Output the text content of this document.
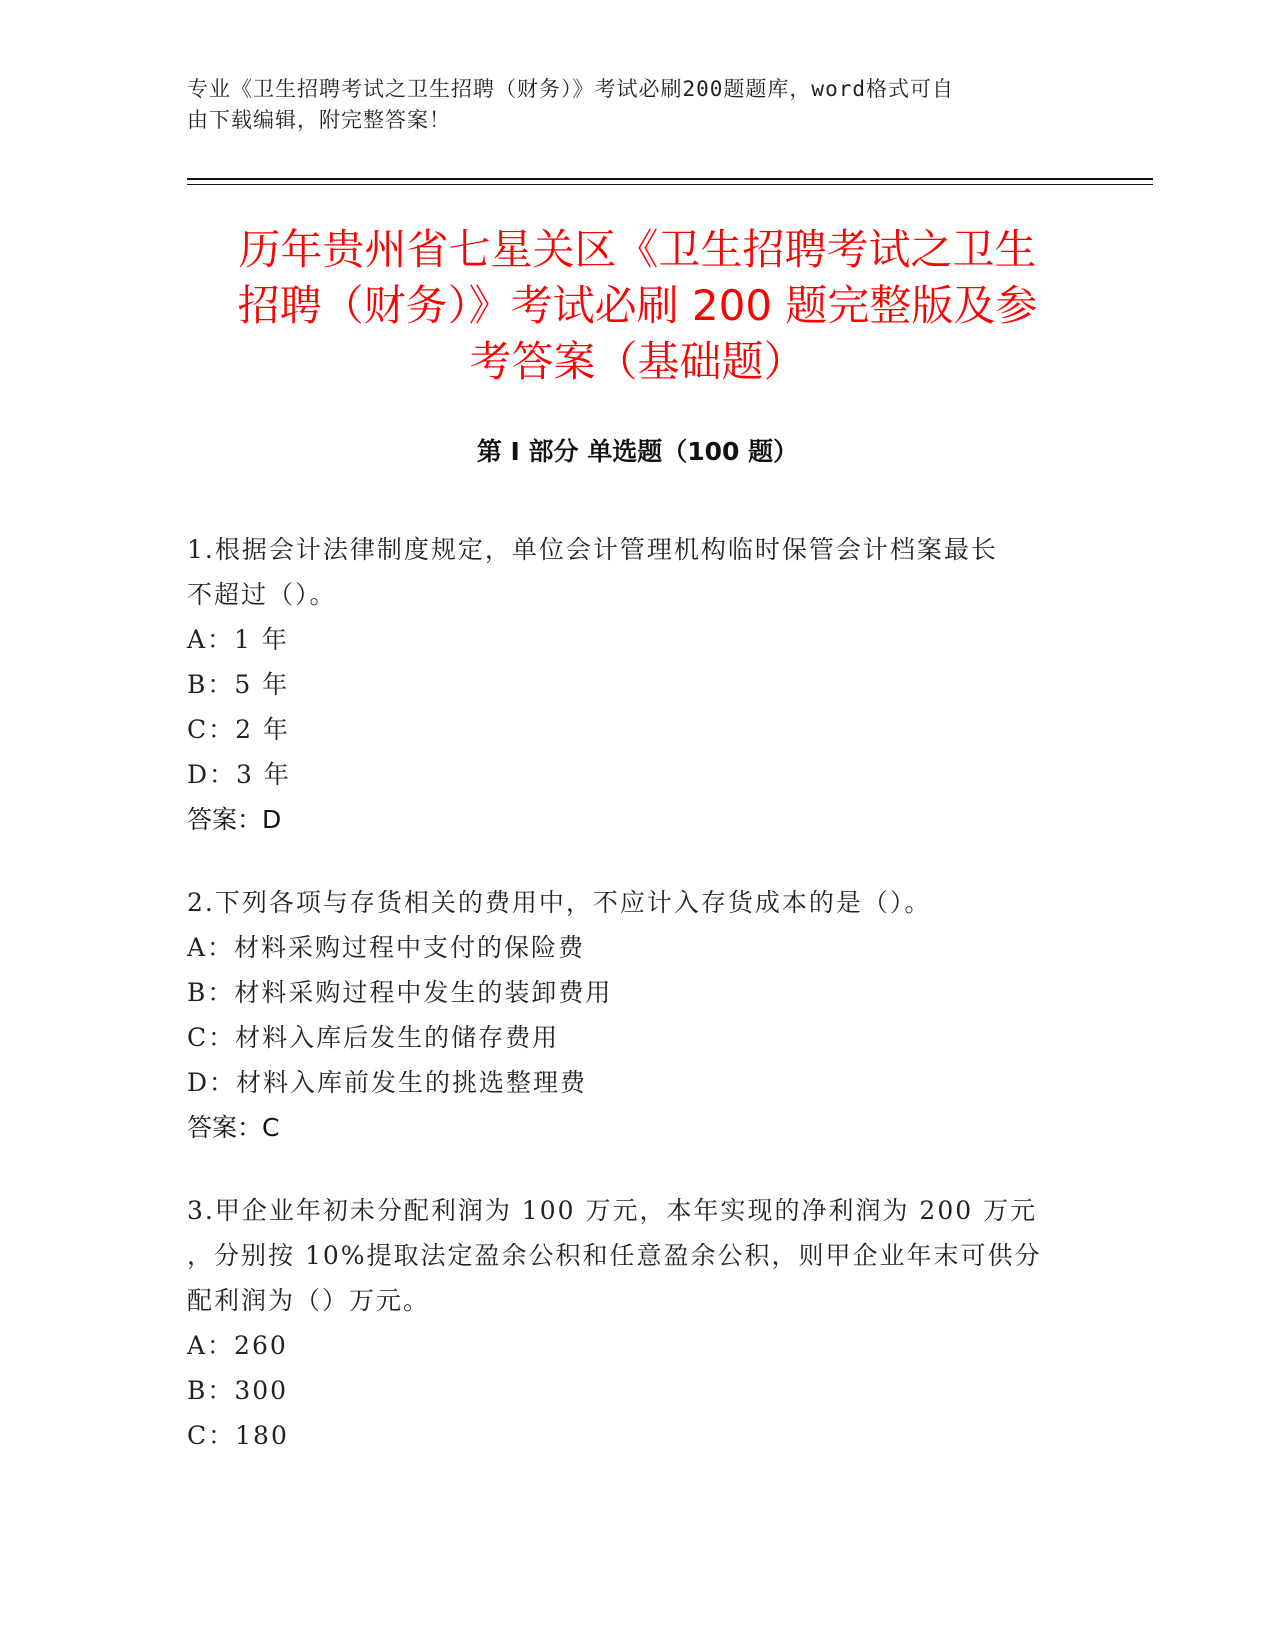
专业《卫生招聘考试之卫生招聘（财务）》考试必刷200题题库，word格式可自
由下载编辑，附完整答案！
历年贵州省七星关区《卫生招聘考试之卫生
招聘（财务）》考试必刷 200 题完整版及参
考答案（基础题）
第 I 部分 单选题（100 题）
1.根据会计法律制度规定，单位会计管理机构临时保管会计档案最长
不超过（）。
A：1 年
B：5 年
C：2 年
D：3 年
答案：D
2.下列各项与存货相关的费用中，不应计入存货成本的是（）。
A：材料采购过程中支付的保险费
B：材料采购过程中发生的装卸费用
C：材料入库后发生的储存费用
D：材料入库前发生的挑选整理费
答案：C
3.甲企业年初未分配利润为 100 万元，本年实现的净利润为 200 万元
，分别按 10%提取法定盈余公积和任意盈余公积，则甲企业年末可供分
配利润为（）万元。
A：260
B：300
C：180
